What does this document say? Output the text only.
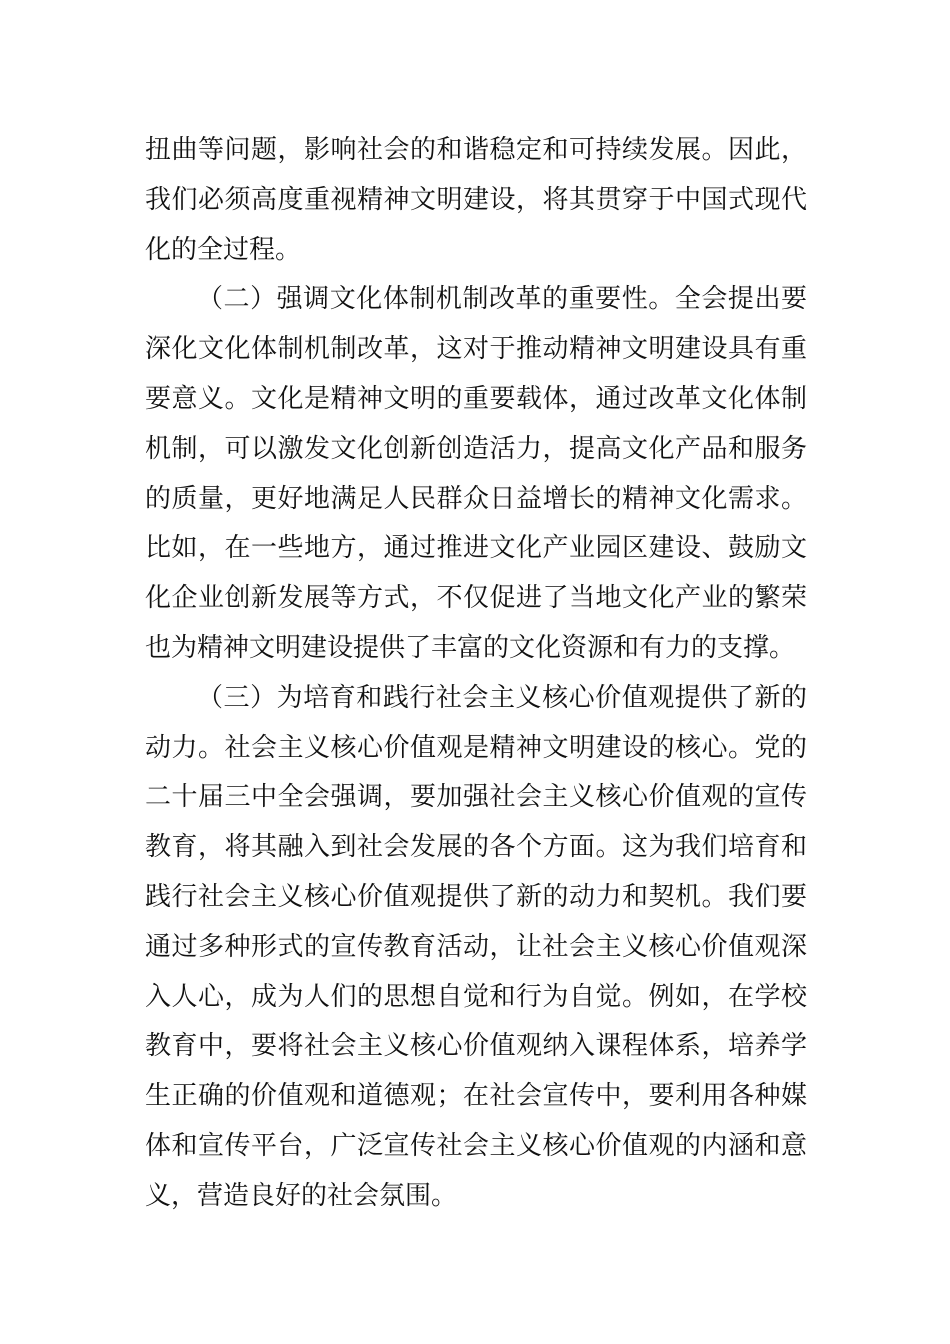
扭曲等问题，影响社会的和谐稳定和可持续发展。因此，我们必须高度重视精神文明建设，将其贯穿于中国式现代化的全过程。

（二）强调文化体制机制改革的重要性。全会提出要深化文化体制机制改革，这对于推动精神文明建设具有重要意义。文化是精神文明的重要载体，通过改革文化体制机制，可以激发文化创新创造活力，提高文化产品和服务的质量，更好地满足人民群众日益增长的精神文化需求。比如，在一些地方，通过推进文化产业园区建设、鼓励文化企业创新发展等方式，不仅促进了当地文化产业的繁荣也为精神文明建设提供了丰富的文化资源和有力的支撑。

（三）为培育和践行社会主义核心价值观提供了新的动力。社会主义核心价值观是精神文明建设的核心。党的二十届三中全会强调，要加强社会主义核心价值观的宣传教育，将其融入到社会发展的各个方面。这为我们培育和践行社会主义核心价值观提供了新的动力和契机。我们要通过多种形式的宣传教育活动，让社会主义核心价值观深入人心，成为人们的思想自觉和行为自觉。例如，在学校教育中，要将社会主义核心价值观纳入课程体系，培养学生正确的价值观和道德观；在社会宣传中，要利用各种媒体和宣传平台，广泛宣传社会主义核心价值观的内涵和意义，营造良好的社会氛围。
